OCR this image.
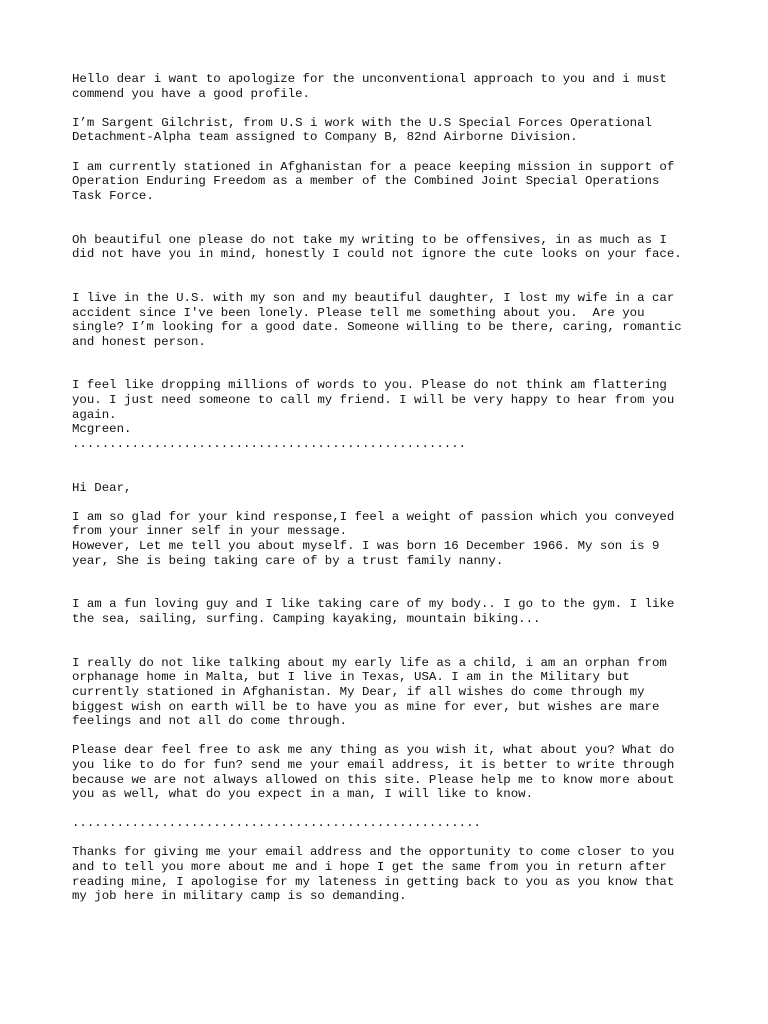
Hello dear i want to apologize for the unconventional approach to you and i must
commend you have a good profile.
I’m Sargent Gilchrist, from U.S i work with the U.S Special Forces Operational
Detachment-Alpha team assigned to Company B, 82nd Airborne Division.
I am currently stationed in Afghanistan for a peace keeping mission in support of
Operation Enduring Freedom as a member of the Combined Joint Special Operations
Task Force.
Oh beautiful one please do not take my writing to be offensives, in as much as I
did not have you in mind, honestly I could not ignore the cute looks on your face.
I live in the U.S. with my son and my beautiful daughter, I lost my wife in a car
accident since I've been lonely. Please tell me something about you.  Are you
single? I’m looking for a good date. Someone willing to be there, caring, romantic
and honest person.
I feel like dropping millions of words to you. Please do not think am flattering
you. I just need someone to call my friend. I will be very happy to hear from you
again.
Mcgreen.
.....................................................
Hi Dear,
I am so glad for your kind response,I feel a weight of passion which you conveyed
from your inner self in your message.
However, Let me tell you about myself. I was born 16 December 1966. My son is 9
year, She is being taking care of by a trust family nanny.
I am a fun loving guy and I like taking care of my body.. I go to the gym. I like
the sea, sailing, surfing. Camping kayaking, mountain biking...
I really do not like talking about my early life as a child, i am an orphan from
orphanage home in Malta, but I live in Texas, USA. I am in the Military but
currently stationed in Afghanistan. My Dear, if all wishes do come through my
biggest wish on earth will be to have you as mine for ever, but wishes are mare
feelings and not all do come through.
Please dear feel free to ask me any thing as you wish it, what about you? What do
you like to do for fun? send me your email address, it is better to write through
because we are not always allowed on this site. Please help me to know more about
you as well, what do you expect in a man, I will like to know.
.......................................................
Thanks for giving me your email address and the opportunity to come closer to you
and to tell you more about me and i hope I get the same from you in return after
reading mine, I apologise for my lateness in getting back to you as you know that
my job here in military camp is so demanding.
